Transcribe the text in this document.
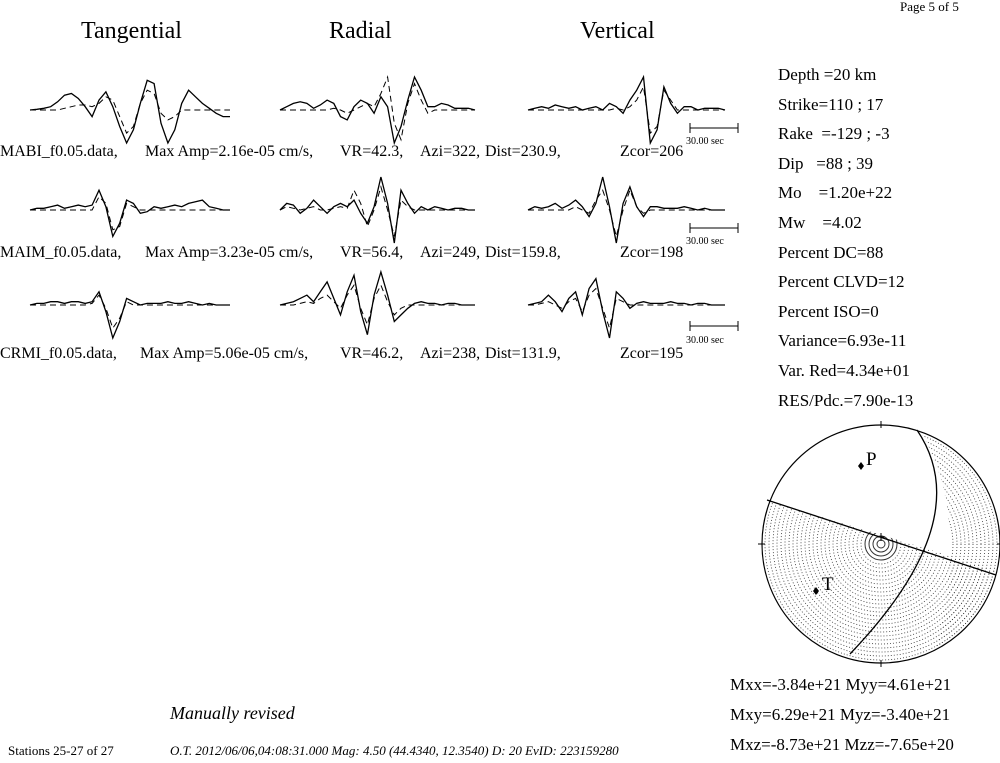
Page 5 of 5
Tangential	Radial	Vertical
MABI_f0.05.data, Max Amp=2.16e-05 cm/s, VR=42.3, Azi=322, Dist=230.9,	Zcor=206
MAIM_f0.05.data, Max Amp=3.23e-05 cm/s, VR=56.4, Azi=249, Dist=159.8,	Zcor=198
CRMI_f0.05.data, Max Amp=5.06e-05 cm/s, VR=46.2, Azi=238, Dist=131.9,	Zcor=195
30.00 sec
30.00 sec
30.00 sec
Depth =20 km
Strike=110 ; 17
Rake  =-129 ; -3
Dip   =88 ; 39
Mo    =1.20e+22
Mw    =4.02
Percent DC=88
Percent CLVD=12
Percent ISO=0
Variance=6.93e-11
Var. Red=4.34e+01
RES/Pdc.=7.90e-13
P
T
Mxx=-3.84e+21 Myy=4.61e+21
Mxy=6.29e+21 Myz=-3.40e+21
Mxz=-8.73e+21 Mzz=-7.65e+20
Manually revised
Stations 25-27 of 27	O.T. 2012/06/06,04:08:31.000 Mag: 4.50 (44.4340, 12.3540) D: 20 EvID: 223159280
